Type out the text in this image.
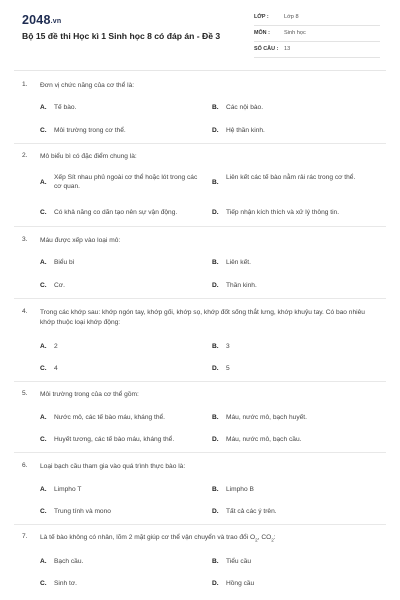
2048.vn
Bộ 15 đề thi Học kì 1 Sinh học 8 có đáp án - Đề 3
LỚP :	Lớp 8
MÔN :	Sinh học
SỐ CÂU : 13
1. Đơn vị chức năng của cơ thể là:
A. Tế bào.	B. Các nội bào.
C. Môi trường trong cơ thể.	D. Hệ thần kinh.
2. Mô biểu bì có đặc điểm chung là:
A.
Xếp Sít nhau phủ ngoài cơ thể hoặc lót trong các cơ quan.
B.
Liên kết các tế bào nằm rải rác trong cơ thể.
C. Có khả năng co dãn tạo nên sự vận động.	D. Tiếp nhận kích thích và xử lý thông tin.
3. Máu được xếp vào loại mô:
A. Biểu bì	B. Liên kết.
C. Cơ.	D. Thần kinh.
4. Trong các khớp sau: khớp ngón tay, khớp gối, khớp sọ, khớp đốt sống thắt lưng, khớp khuỷu tay. Có bao nhiêu khớp thuộc loại khớp động:
A. 2	B. 3
C. 4	D. 5
5. Môi trường trong của cơ thể gồm:
A. Nước mô, các tế bào máu, kháng thể.	B. Máu, nước mô, bạch huyết.
C. Huyết tương, các tế bào máu, kháng thể.	D. Máu, nước mô, bạch cầu.
6. Loại bạch cầu tham gia vào quá trình thực bào là:
A. Limpho T	B. Limpho B
C. Trung tính và mono	D. Tất cả các ý trên.
7. Là tế bào không có nhân, lõm 2 mặt giúp cơ thể vận chuyển và trao đổi $O_2$, $CO_2$:
A. Bạch cầu.	B. Tiểu cầu
C. Sinh tơ.	D. Hồng cầu
